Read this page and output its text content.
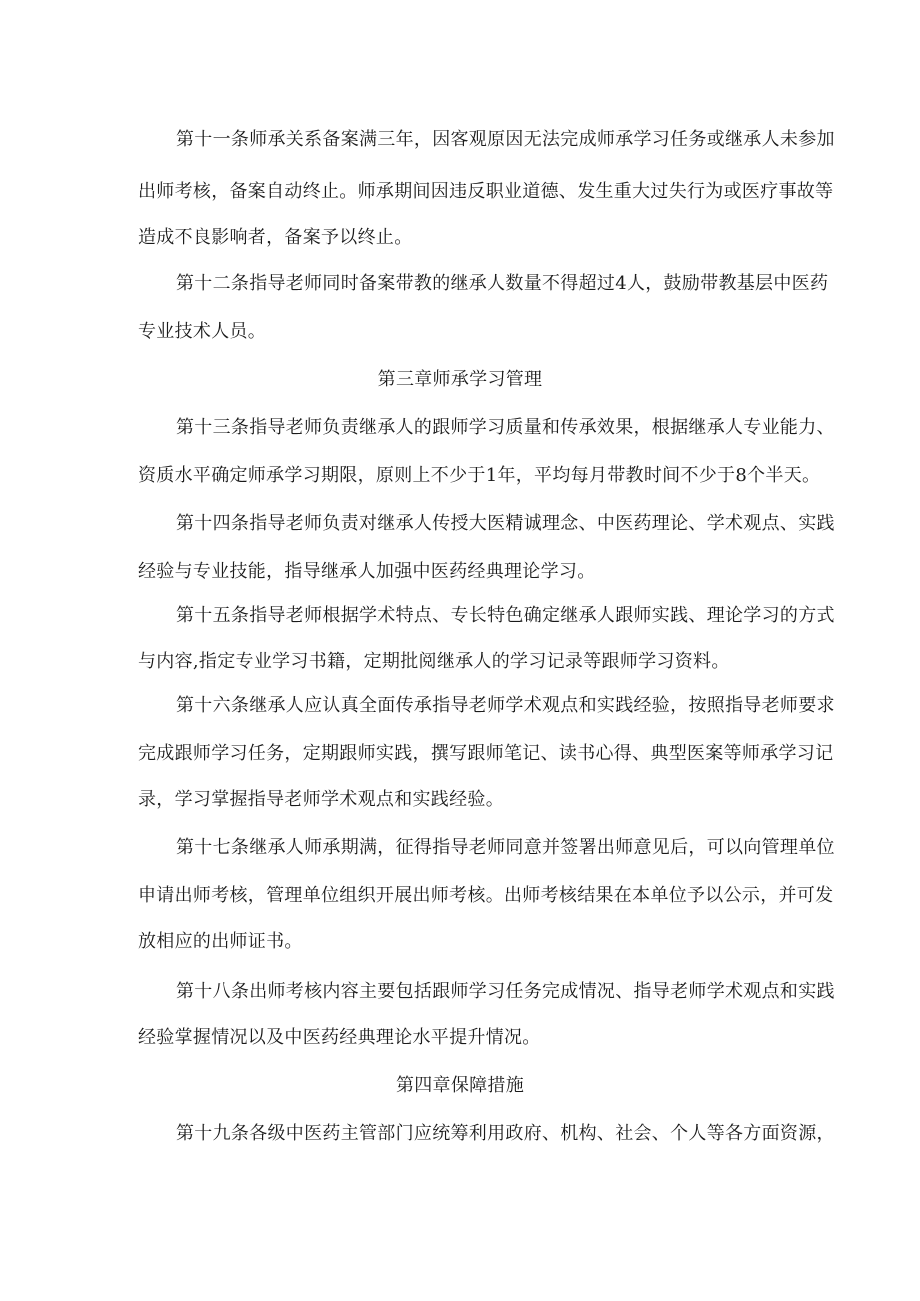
第十一条师承关系备案满三年，因客观原因无法完成师承学习任务或继承人未参加
出师考核，备案自动终止。师承期间因违反职业道德、发生重大过失行为或医疗事故等
造成不良影响者，备案予以终止。
第十二条指导老师同时备案带教的继承人数量不得超过4人，鼓励带教基层中医药
专业技术人员。
第三章师承学习管理
第十三条指导老师负责继承人的跟师学习质量和传承效果，根据继承人专业能力、
资质水平确定师承学习期限，原则上不少于1年，平均每月带教时间不少于8个半天。
第十四条指导老师负责对继承人传授大医精诚理念、中医药理论、学术观点、实践
经验与专业技能，指导继承人加强中医药经典理论学习。
第十五条指导老师根据学术特点、专长特色确定继承人跟师实践、理论学习的方式
与内容,指定专业学习书籍，定期批阅继承人的学习记录等跟师学习资料。
第十六条继承人应认真全面传承指导老师学术观点和实践经验，按照指导老师要求
完成跟师学习任务，定期跟师实践，撰写跟师笔记、读书心得、典型医案等师承学习记
录，学习掌握指导老师学术观点和实践经验。
第十七条继承人师承期满，征得指导老师同意并签署出师意见后，可以向管理单位
申请出师考核，管理单位组织开展出师考核。出师考核结果在本单位予以公示，并可发
放相应的出师证书。
第十八条出师考核内容主要包括跟师学习任务完成情况、指导老师学术观点和实践
经验掌握情况以及中医药经典理论水平提升情况。
第四章保障措施
第十九条各级中医药主管部门应统筹利用政府、机构、社会、个人等各方面资源，
